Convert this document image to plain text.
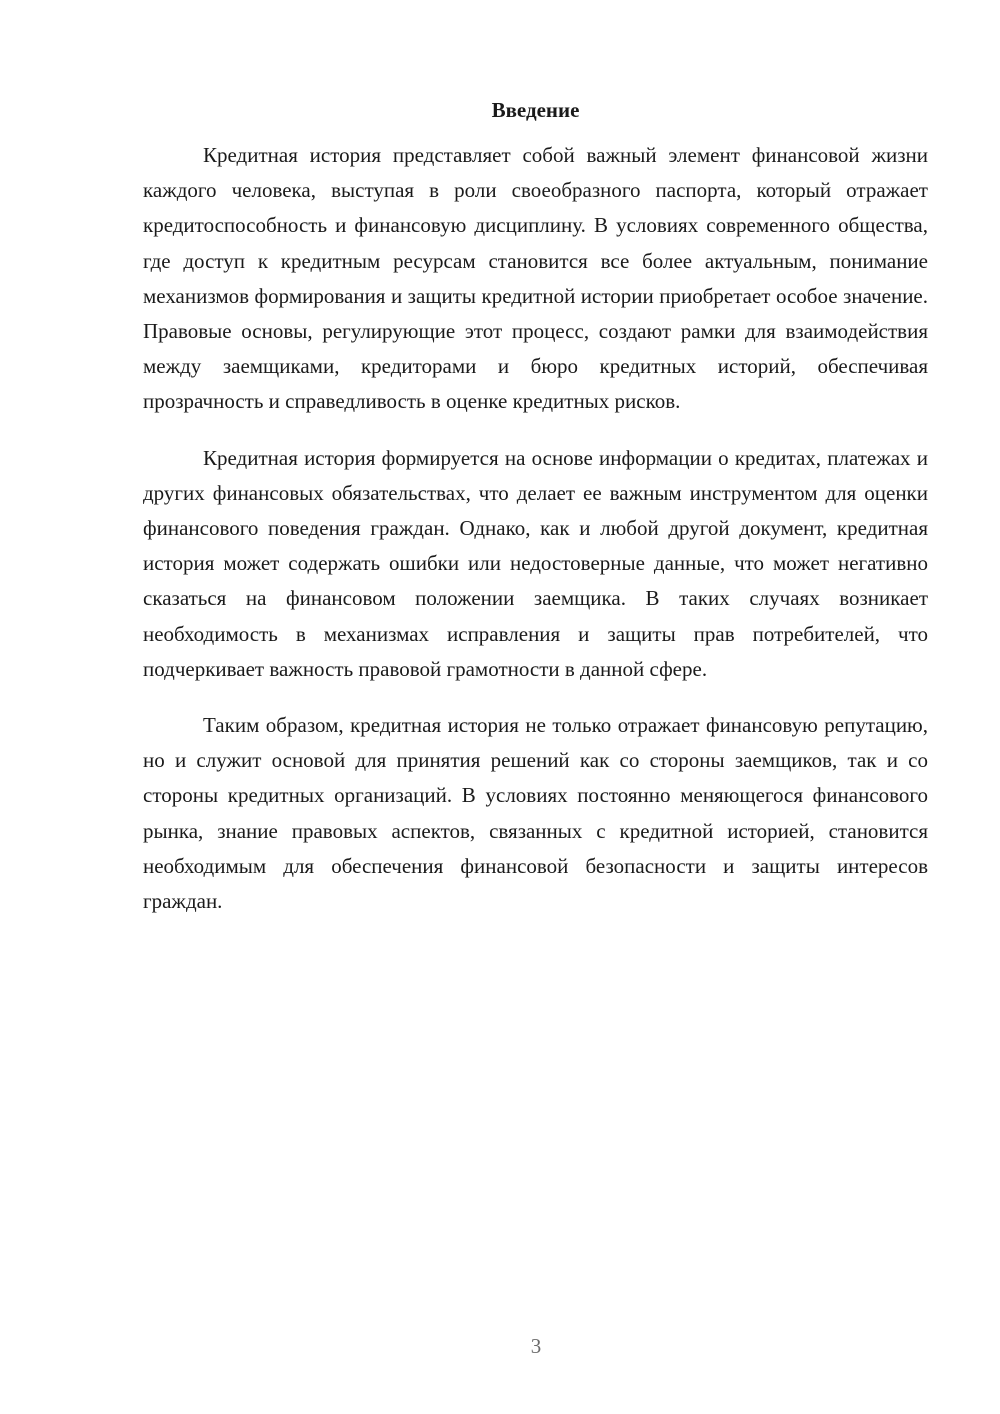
Введение

Кредитная история представляет собой важный элемент финансовой жизни каждого человека, выступая в роли своеобразного паспорта, который отражает кредитоспособность и финансовую дисциплину. В условиях современного общества, где доступ к кредитным ресурсам становится все более актуальным, понимание механизмов формирования и защиты кредитной истории приобретает особое значение. Правовые основы, регулирующие этот процесс, создают рамки для взаимодействия между заемщиками, кредиторами и бюро кредитных историй, обеспечивая прозрачность и справедливость в оценке кредитных рисков.

Кредитная история формируется на основе информации о кредитах, платежах и других финансовых обязательствах, что делает ее важным инструментом для оценки финансового поведения граждан. Однако, как и любой другой документ, кредитная история может содержать ошибки или недостоверные данные, что может негативно сказаться на финансовом положении заемщика. В таких случаях возникает необходимость в механизмах исправления и защиты прав потребителей, что подчеркивает важность правовой грамотности в данной сфере.

Таким образом, кредитная история не только отражает финансовую репутацию, но и служит основой для принятия решений как со стороны заемщиков, так и со стороны кредитных организаций. В условиях постоянно меняющегося финансового рынка, знание правовых аспектов, связанных с кредитной историей, становится необходимым для обеспечения финансовой безопасности и защиты интересов граждан.

3
